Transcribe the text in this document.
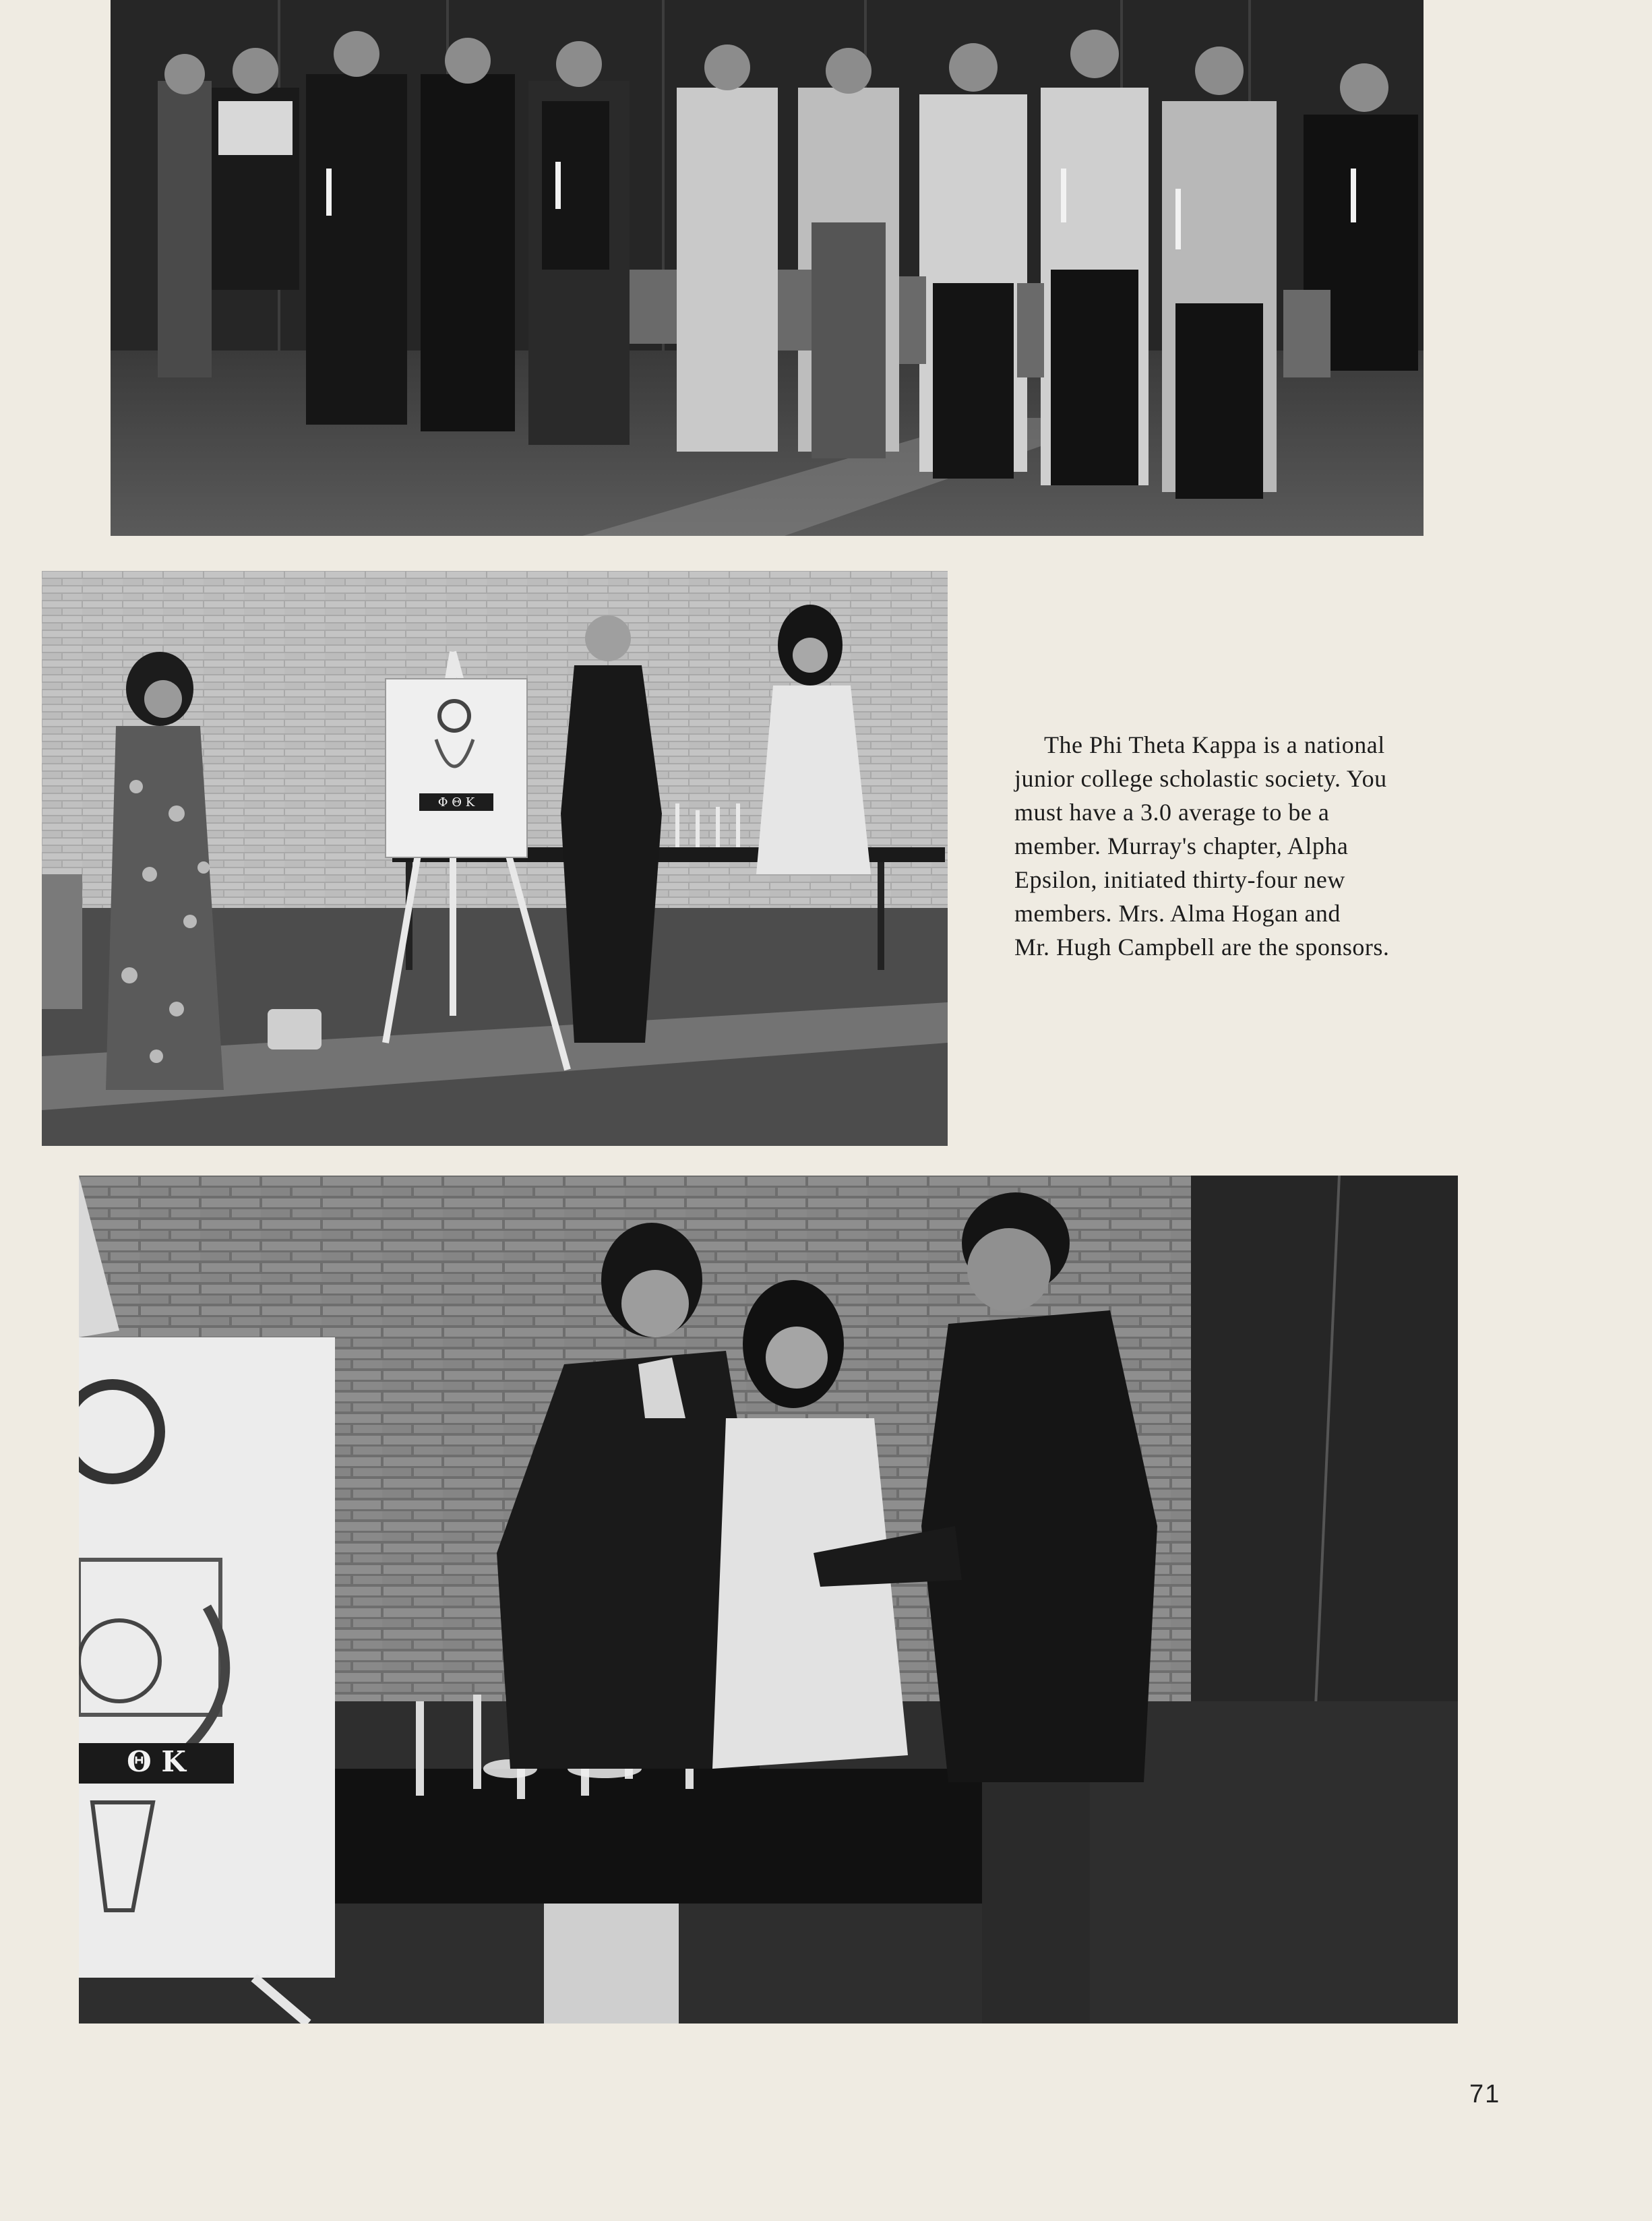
Φ Θ K

The Phi Theta Kappa is a national
junior college scholastic society. You
must have a 3.0 average to be a
member. Murray's chapter, Alpha
Epsilon, initiated thirty-four new
members. Mrs. Alma Hogan and
Mr. Hugh Campbell are the sponsors.

Θ K
71
